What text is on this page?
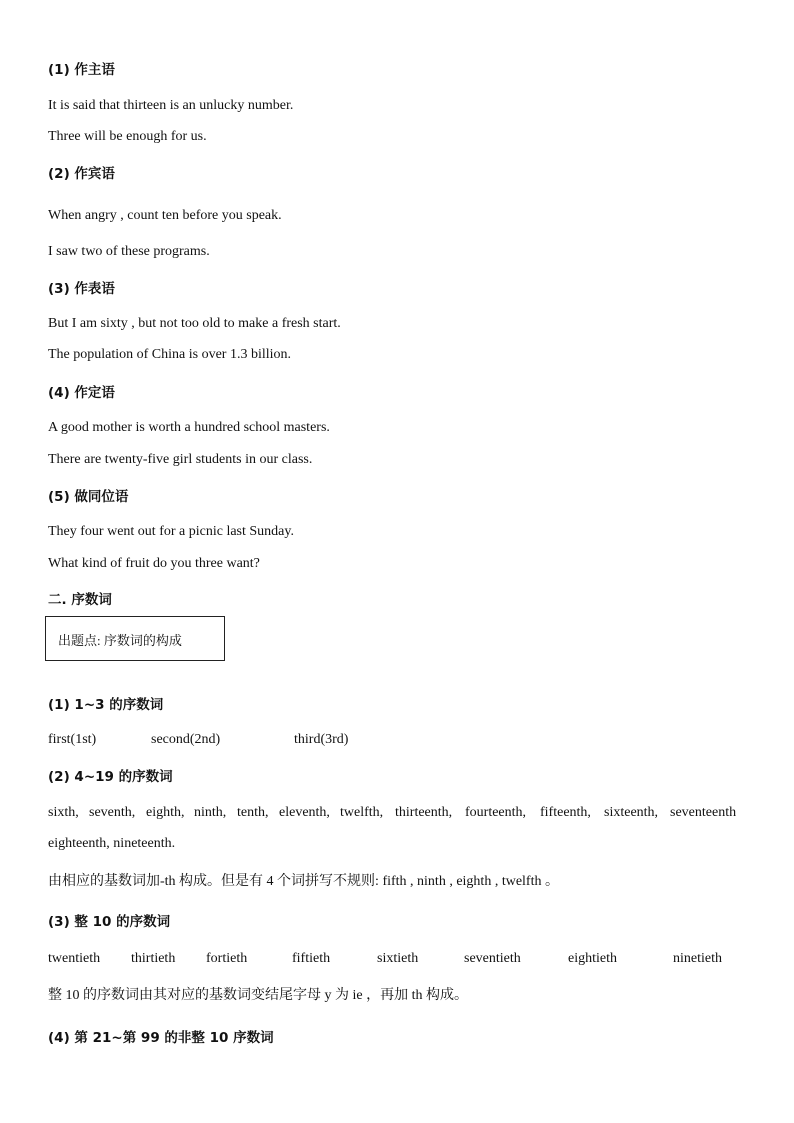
(1) 作主语
It is said that thirteen is an unlucky number.
Three will be enough for us.
(2) 作宾语
When angry , count ten before you speak.
I saw two of these programs.
(3) 作表语
But I am sixty , but not too old to make a fresh start.
The population of China is over 1.3 billion.
(4) 作定语
A good mother is worth a hundred school masters.
There are twenty-five girl students in our class.
(5) 做同位语
They four went out for a picnic last Sunday.
What kind of fruit do you three want?
二. 序数词
出题点: 序数词的构成
(1) 1~3 的序数词
first(1st)	second(2nd)	third(3rd)
(2) 4~19 的序数词
sixth, seventh, eighth, ninth, tenth, eleventh, twelfth, thirteenth, fourteenth, fifteenth, sixteenth, seventeenth
eighteenth, nineteenth.
由相应的基数词加-th 构成。但是有 4 个词拼写不规则: fifth , ninth , eighth , twelfth 。
(3) 整 10 的序数词
twentieth thirtieth fortieth	fiftieth	sixtieth	seventieth	eightieth	ninetieth
整 10 的序数词由其对应的基数词变结尾字母 y 为 ie ，再加 th 构成。
(4) 第 21~第 99 的非整 10 序数词
